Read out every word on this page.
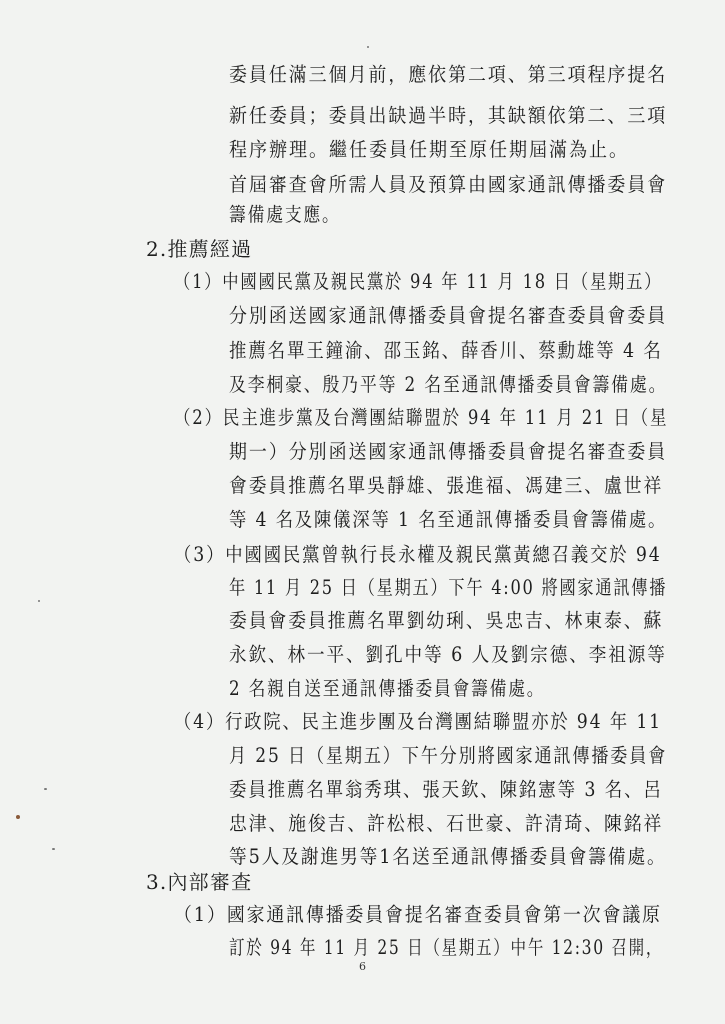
委員任滿三個月前，應依第二項、第三項程序提名
新任委員；委員出缺過半時，其缺額依第二、三項
程序辦理。繼任委員任期至原任期屆滿為止。
首屆審查會所需人員及預算由國家通訊傳播委員會
籌備處支應。
2.推薦經過
（1）中國國民黨及親民黨於 94 年 11 月 18 日（星期五）
分別函送國家通訊傳播委員會提名審查委員會委員
推薦名單王鐘渝、邵玉銘、薛香川、蔡勳雄等 4 名
及李桐豪、殷乃平等 2 名至通訊傳播委員會籌備處。
（2）民主進步黨及台灣團結聯盟於 94 年 11 月 21 日（星
期一）分別函送國家通訊傳播委員會提名審查委員
會委員推薦名單吳靜雄、張進福、馮建三、盧世祥
等 4 名及陳儀深等 1 名至通訊傳播委員會籌備處。
（3）中國國民黨曾執行長永權及親民黨黃總召義交於 94
年 11 月 25 日（星期五）下午 4:00 將國家通訊傳播
委員會委員推薦名單劉幼琍、吳忠吉、林東泰、蘇
永欽、林一平、劉孔中等 6 人及劉宗德、李祖源等
2 名親自送至通訊傳播委員會籌備處。
（4）行政院、民主進步團及台灣團結聯盟亦於 94 年 11
月 25 日（星期五）下午分別將國家通訊傳播委員會
委員推薦名單翁秀琪、張天欽、陳銘憲等 3 名、呂
忠津、施俊吉、許松根、石世豪、許清琦、陳銘祥
等5人及謝進男等1名送至通訊傳播委員會籌備處。
3.內部審查
（1）國家通訊傳播委員會提名審查委員會第一次會議原
訂於 94 年 11 月 25 日（星期五）中午 12:30 召開，
6
